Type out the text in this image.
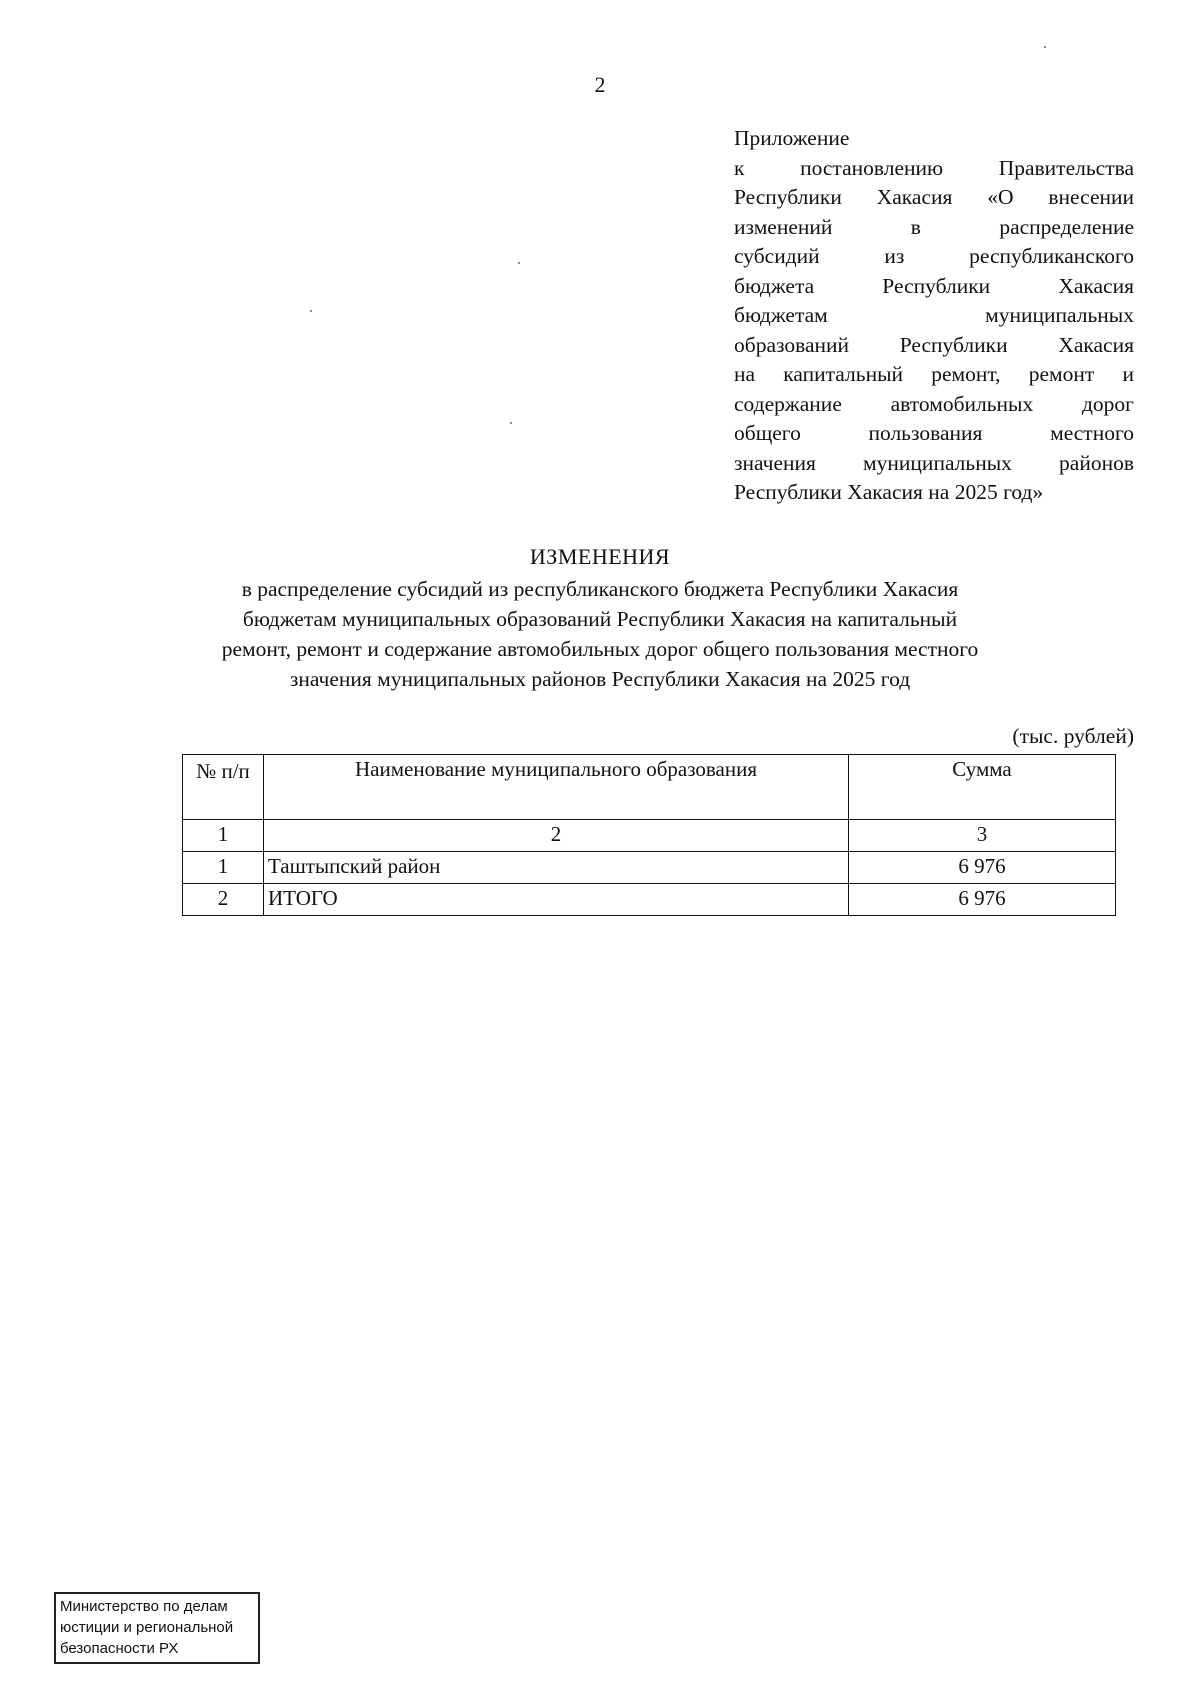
2
Приложение
к постановлению Правительства
Республики Хакасия «О внесении
изменений в распределение
субсидий из республиканского
бюджета Республики Хакасия
бюджетам муниципальных
образований Республики Хакасия
на капитальный ремонт, ремонт и
содержание автомобильных дорог
общего пользования местного
значения муниципальных районов
Республики Хакасия на 2025 год»
ИЗМЕНЕНИЯ
в распределение субсидий из республиканского бюджета Республики Хакасия
бюджетам муниципальных образований Республики Хакасия на капитальный
ремонт, ремонт и содержание автомобильных дорог общего пользования местного
значения муниципальных районов Республики Хакасия на 2025 год
(тыс. рублей)
№ п/п	Наименование муниципального образования	Сумма
1	2	3
1	Таштыпский район	6 976
2	ИТОГО	6 976
Министерство по делам
юстиции и региональной
безопасности РХ
